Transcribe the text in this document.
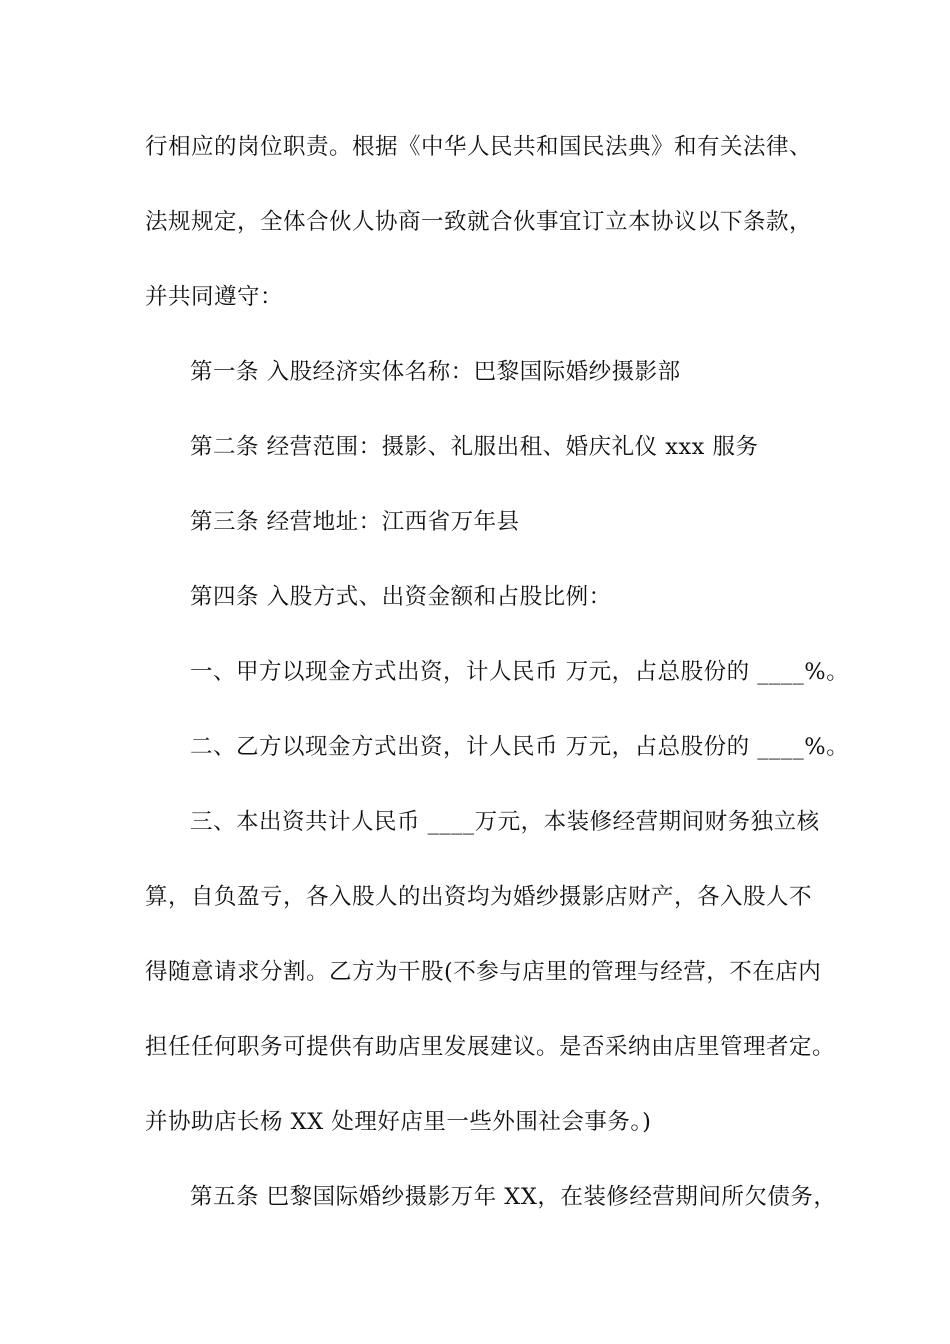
行相应的岗位职责。根据《中华人民共和国民法典》和有关法律、
法规规定，全体合伙人协商一致就合伙事宜订立本协议以下条款，
并共同遵守：
第一条 入股经济实体名称：巴黎国际婚纱摄影部
第二条 经营范围：摄影、礼服出租、婚庆礼仪 xxx 服务
第三条 经营地址：江西省万年县
第四条 入股方式、出资金额和占股比例：
一、甲方以现金方式出资，计人民币 万元，占总股份的 ____%。
二、乙方以现金方式出资，计人民币 万元，占总股份的 ____%。
三、本出资共计人民币 ____万元，本装修经营期间财务独立核
算，自负盈亏，各入股人的出资均为婚纱摄影店财产，各入股人不
得随意请求分割。乙方为干股(不参与店里的管理与经营，不在店内
担任任何职务可提供有助店里发展建议。是否采纳由店里管理者定。
并协助店长杨 XX 处理好店里一些外围社会事务。)
第五条 巴黎国际婚纱摄影万年 XX，在装修经营期间所欠债务，
